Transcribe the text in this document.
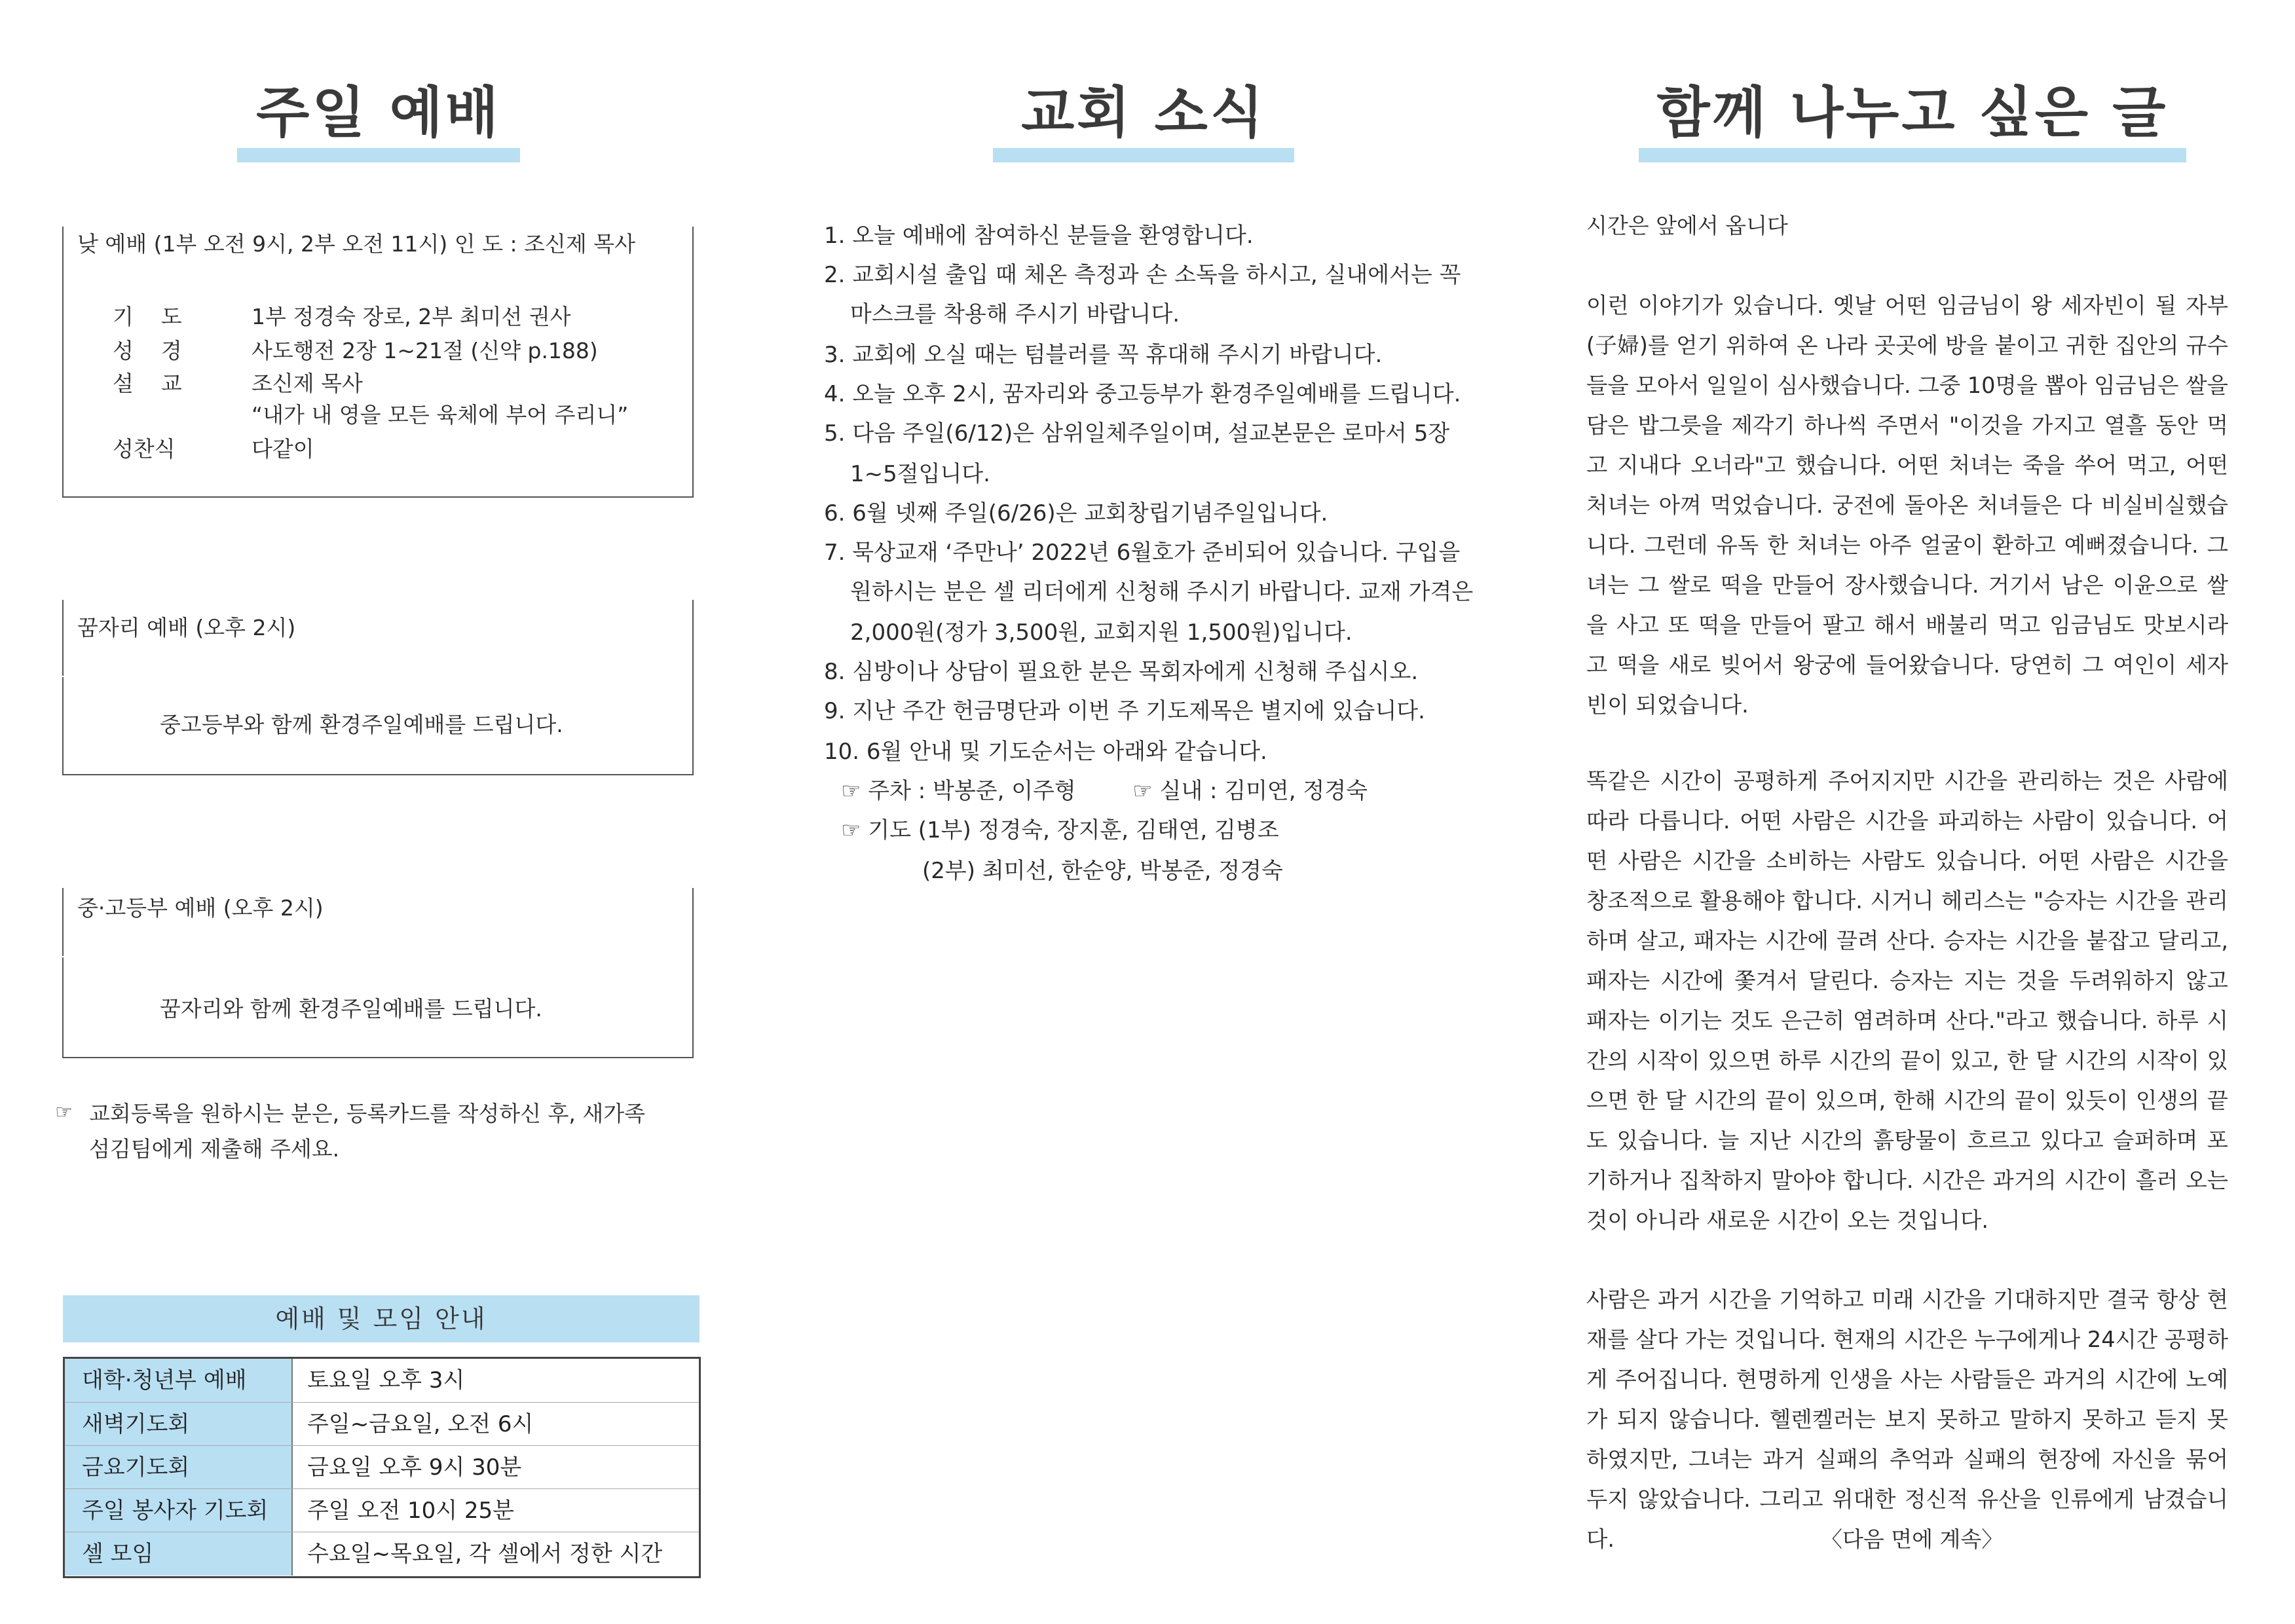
주일 예배
낮 예배 (1부 오전 9시, 2부 오전 11시) 인 도 : 조신제 목사
기    도	1부 정경숙 장로, 2부 최미선 권사
성    경	사도행전 2장 1~21절 (신약 p.188)
설    교	조신제 목사
“내가 내 영을 모든 육체에 부어 주리니”
성찬식	다같이
꿈자리 예배 (오후 2시)
중고등부와 함께 환경주일예배를 드립니다.
중·고등부 예배 (오후 2시)
꿈자리와 함께 환경주일예배를 드립니다.
☞ 교회등록을 원하시는 분은, 등록카드를 작성하신 후, 새가족
섬김팀에게 제출해 주세요.
예배 및 모임 안내
대학·청년부 예배	토요일 오후 3시
새벽기도회	주일~금요일, 오전 6시
금요기도회	금요일 오후 9시 30분
주일 봉사자 기도회	주일 오전 10시 25분
셀 모임	수요일~목요일, 각 셀에서 정한 시간
교회 소식
1. 오늘 예배에 참여하신 분들을 환영합니다.
2. 교회시설 출입 때 체온 측정과 손 소독을 하시고, 실내에서는 꼭
마스크를 착용해 주시기 바랍니다.
3. 교회에 오실 때는 텀블러를 꼭 휴대해 주시기 바랍니다.
4. 오늘 오후 2시, 꿈자리와 중고등부가 환경주일예배를 드립니다.
5. 다음 주일(6/12)은 삼위일체주일이며, 설교본문은 로마서 5장
1~5절입니다.
6. 6월 넷째 주일(6/26)은 교회창립기념주일입니다.
7. 묵상교재 ‘주만나’ 2022년 6월호가 준비되어 있습니다. 구입을
원하시는 분은 셀 리더에게 신청해 주시기 바랍니다. 교재 가격은
2,000원(정가 3,500원, 교회지원 1,500원)입니다.
8. 심방이나 상담이 필요한 분은 목회자에게 신청해 주십시오.
9. 지난 주간 헌금명단과 이번 주 기도제목은 별지에 있습니다.
10. 6월 안내 및 기도순서는 아래와 같습니다.
☞ 주차 : 박봉준, 이주형        ☞ 실내 : 김미연, 정경숙
☞ 기도 (1부) 정경숙, 장지훈, 김태연, 김병조
(2부) 최미선, 한순양, 박봉준, 정경숙
함께 나누고 싶은 글
시간은 앞에서 옵니다
이런 이야기가 있습니다. 옛날 어떤 임금님이 왕 세자빈이 될 자부(子婦)를 얻기 위하여 온 나라 곳곳에 방을 붙이고 귀한 집안의 규수들을 모아서 일일이 심사했습니다. 그중 10명을 뽑아 임금님은 쌀을 담은 밥그릇을 제각기 하나씩 주면서 "이것을 가지고 열흘 동안 먹고 지내다 오너라"고 했습니다. 어떤 처녀는 죽을 쑤어 먹고, 어떤 처녀는 아껴 먹었습니다. 궁전에 돌아온 처녀들은 다 비실비실했습니다. 그런데 유독 한 처녀는 아주 얼굴이 환하고 예뻐졌습니다. 그녀는 그 쌀로 떡을 만들어 장사했습니다. 거기서 남은 이윤으로 쌀을 사고 또 떡을 만들어 팔고 해서 배불리 먹고 임금님도 맛보시라고 떡을 새로 빚어서 왕궁에 들어왔습니다. 당연히 그 여인이 세자빈이 되었습니다.
똑같은 시간이 공평하게 주어지지만 시간을 관리하는 것은 사람에 따라 다릅니다. 어떤 사람은 시간을 파괴하는 사람이 있습니다. 어떤 사람은 시간을 소비하는 사람도 있습니다. 어떤 사람은 시간을 창조적으로 활용해야 합니다. 시거니 헤리스는 "승자는 시간을 관리하며 살고, 패자는 시간에 끌려 산다. 승자는 시간을 붙잡고 달리고, 패자는 시간에 쫓겨서 달린다. 승자는 지는 것을 두려워하지 않고 패자는 이기는 것도 은근히 염려하며 산다."라고 했습니다. 하루 시간의 시작이 있으면 하루 시간의 끝이 있고, 한 달 시간의 시작이 있으면 한 달 시간의 끝이 있으며, 한해 시간의 끝이 있듯이 인생의 끝도 있습니다. 늘 지난 시간의 흙탕물이 흐르고 있다고 슬퍼하며 포기하거나 집착하지 말아야 합니다. 시간은 과거의 시간이 흘러 오는 것이 아니라 새로운 시간이 오는 것입니다.
사람은 과거 시간을 기억하고 미래 시간을 기대하지만 결국 항상 현재를 살다 가는 것입니다. 현재의 시간은 누구에게나 24시간 공평하게 주어집니다. 현명하게 인생을 사는 사람들은 과거의 시간에 노예가 되지 않습니다. 헬렌켈러는 보지 못하고 말하지 못하고 듣지 못하였지만, 그녀는 과거 실패의 추억과 실패의 현장에 자신을 묶어 두지 않았습니다. 그리고 위대한 정신적 유산을 인류에게 남겼습니다.	〈다음 면에 계속〉
